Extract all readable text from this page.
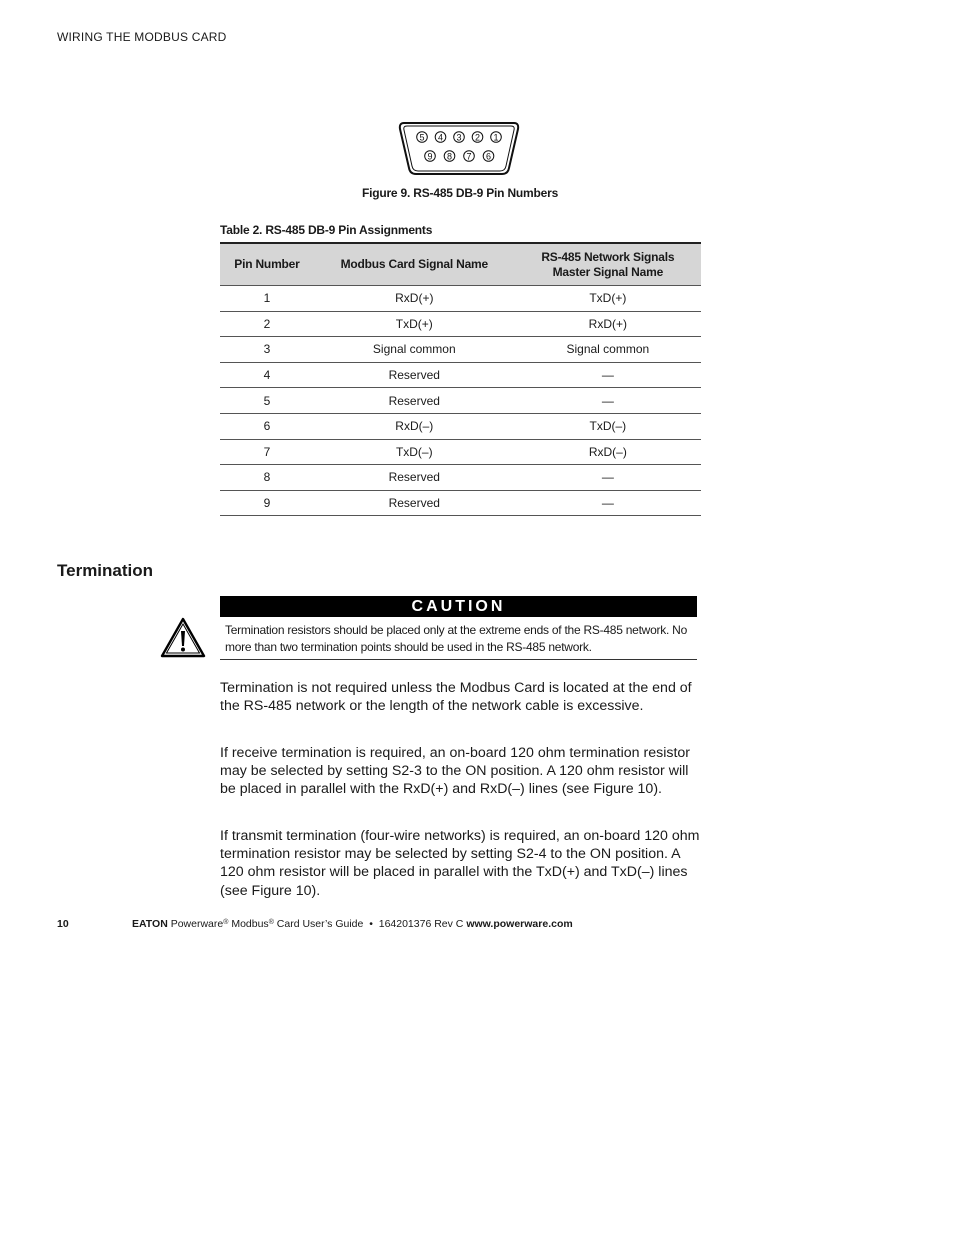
WIRING THE MODBUS CARD
5 4 3 2 1
9 8 7 6
Figure 9. RS-485 DB-9 Pin Numbers
Table 2. RS-485 DB-9 Pin Assignments
Pin Number	Modbus Card Signal Name	RS-485 Network Signals
Master Signal Name
1	RxD(+)	TxD(+)
2	TxD(+)	RxD(+)
3	Signal common	Signal common
4	Reserved	—
5	Reserved	—
6	RxD(–)	TxD(–)
7	TxD(–)	RxD(–)
8	Reserved	—
9	Reserved	—
Termination
CAUTION
Termination resistors should be placed only at the extreme ends of the RS-485 network. No more than two termination points should be used in the RS-485 network.
Termination is not required unless the Modbus Card is located at the end of the RS-485 network or the length of the network cable is excessive.
If receive termination is required, an on-board 120 ohm termination resistor may be selected by setting S2-3 to the ON position. A 120 ohm resistor will be placed in parallel with the RxD(+) and RxD(–) lines (see Figure 10).
If transmit termination (four-wire networks) is required, an on-board 120 ohm termination resistor may be selected by setting S2-4 to the ON position. A 120 ohm resistor will be placed in parallel with the TxD(+) and TxD(–) lines (see Figure 10).
10	EATON Powerware® Modbus® Card User’s Guide • 164201376 Rev C www.powerware.com
